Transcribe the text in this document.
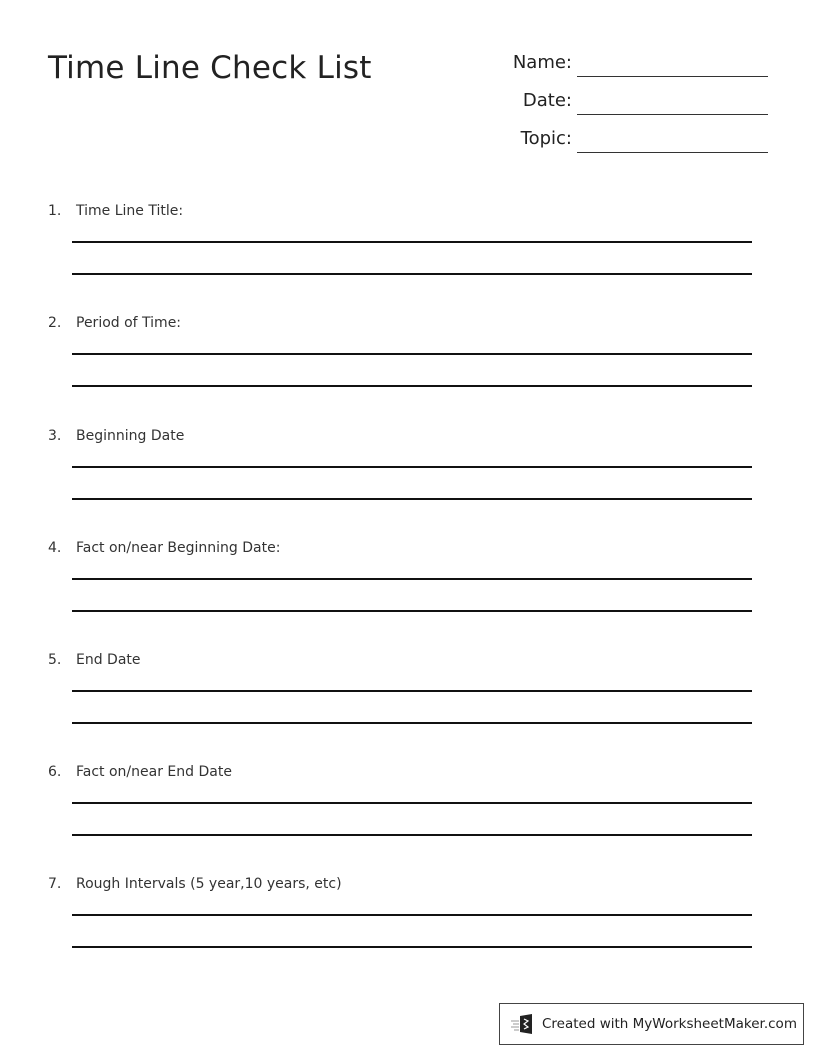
Time Line Check List	Name:
Date:
Topic:
1. Time Line Title:
2. Period of Time:
3. Beginning Date
4. Fact on/near Beginning Date:
5. End Date
6. Fact on/near End Date
7. Rough Intervals (5 year,10 years, etc)
Created with MyWorksheetMaker.com
